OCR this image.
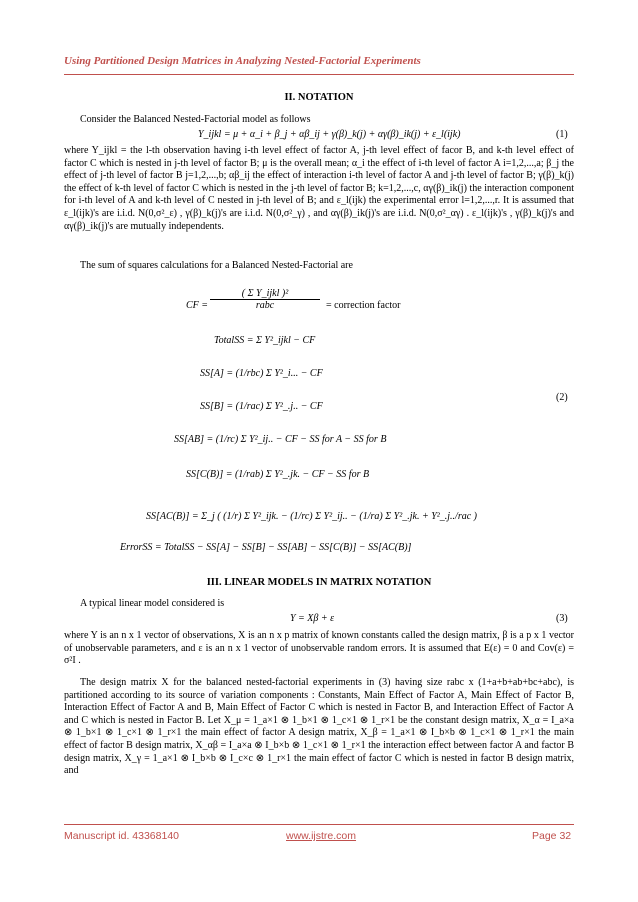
Using Partitioned Design Matrices in Analyzing Nested-Factorial Experiments
II. NOTATION
Consider the Balanced Nested-Factorial model as follows
Y_ijkl = μ + α_i + β_j + αβ_ij + γ(β)_k(j) + αγ(β)_ik(j) + ε_l(ijk)	(1)
where Y_ijkl = the l-th observation having i-th level effect of factor A, j-th level effect of facor B, and k-th level effect of factor C which is nested in j-th level of factor B; μ is the overall mean; α_i the effect of i-th level of factor A i=1,2,...,a; β_j the effect of j-th level of factor B j=1,2,...,b; αβ_ij the effect of interaction i-th level of factor A and j-th level of factor B; γ(β)_k(j) the effect of k-th level of factor C which is nested in the j-th level of factor B; k=1,2,...,c, αγ(β)_ik(j) the interaction component for i-th level of A and k-th level of C nested in j-th level of B; and ε_l(ijk) the experimental error l=1,2,...,r. It is assumed that ε_l(ijk)'s are i.i.d. N(0,σ²_ε) , γ(β)_k(j)'s are i.i.d. N(0,σ²_γ) , and αγ(β)_ik(j)'s are i.i.d. N(0,σ²_αγ) . ε_l(ijk)'s , γ(β)_k(j)'s and αγ(β)_ik(j)'s are mutually independents.
The sum of squares calculations for a Balanced Nested-Factorial are
CF =
( Σ Y_ijkl )²
rabc	= correction factor
TotalSS = Σ Y²_ijkl − CF
SS[A] = (1/rbc) Σ Y²_i... − CF
SS[B] = (1/rac) Σ Y²_.j.. − CF
(2)
SS[AB] = (1/rc) Σ Y²_ij.. − CF − SS for A − SS for B
SS[C(B)] = (1/rab) Σ Y²_.jk. − CF − SS for B
SS[AC(B)] = Σ_j ( (1/r) Σ Y²_ijk. − (1/rc) Σ Y²_ij.. − (1/ra) Σ Y²_.jk. + Y²_.j../rac )
ErrorSS = TotalSS − SS[A] − SS[B] − SS[AB] − SS[C(B)] − SS[AC(B)]
III. LINEAR MODELS IN MATRIX NOTATION
A typical linear model considered is
Y = Xβ + ε	(3)
where Y is an n x 1 vector of observations, X is an n x p matrix of known constants called the design matrix, β is a p x 1 vector of unobservable parameters, and ε is an n x 1 vector of unobservable random errors. It is assumed that E(ε) = 0 and Cov(ε) = σ²I .
The design matrix X for the balanced nested-factorial experiments in (3) having size rabc x (1+a+b+ab+bc+abc), is partitioned according to its source of variation components : Constants, Main Effect of Factor A, Main Effect of Factor B, Interaction Effect of Factor A and B, Main Effect of Factor C which is nested in Factor B, and Interaction Effect of Factor A and C which is nested in Factor B. Let X_μ = 1_a×1 ⊗ 1_b×1 ⊗ 1_c×1 ⊗ 1_r×1 be the constant design matrix, X_α = I_a×a ⊗ 1_b×1 ⊗ 1_c×1 ⊗ 1_r×1 the main effect of factor A design matrix, X_β = 1_a×1 ⊗ I_b×b ⊗ 1_c×1 ⊗ 1_r×1 the main effect of factor B design matrix, X_αβ = I_a×a ⊗ I_b×b ⊗ 1_c×1 ⊗ 1_r×1 the interaction effect between factor A and factor B design matrix, X_γ = 1_a×1 ⊗ I_b×b ⊗ I_c×c ⊗ 1_r×1 the main effect of factor C which is nested in factor B design matrix, and
Manuscript id. 43368140	www.ijstre.com	Page 32
